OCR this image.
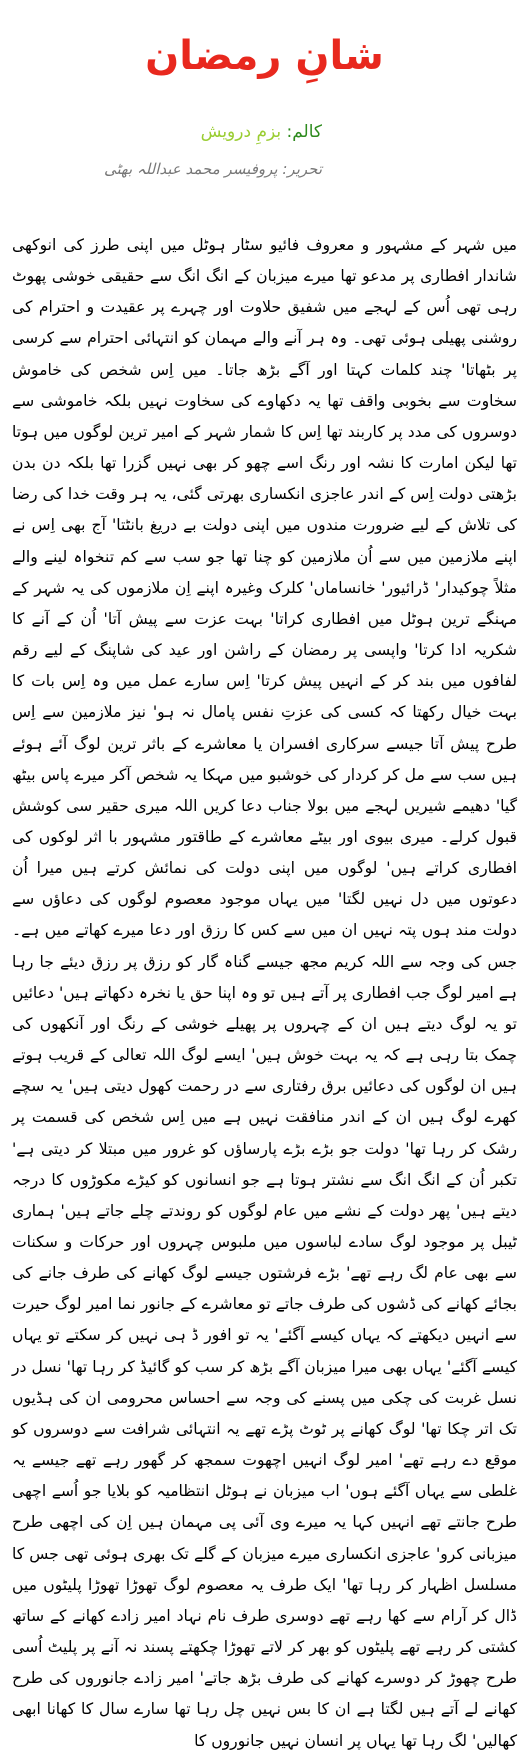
شانِ رمضان
کالم: بزمِ درویش
تحریر: پروفیسر محمد عبداللہ بھٹی

میں شہر کے مشہور و معروف فائیو سٹار ہوٹل میں اپنی طرز کی انوکھی شاندار افطاری پر مدعو تھا میرے میزبان کے انگ انگ سے حقیقی خوشی پھوٹ رہی تھی اُس کے لہجے میں شفیق حلاوت اور چہرے پر عقیدت و احترام کی روشنی پھیلی ہوئی تھی۔ وہ ہر آنے والے مہمان کو انتہائی احترام سے کرسی پر بٹھاتا' چند کلمات کہتا اور آگے بڑھ جاتا۔ میں اِس شخص کی خاموش سخاوت سے بخوبی واقف تھا یہ دکھاوے کی سخاوت نہیں بلکہ خاموشی سے دوسروں کی مدد پر کاربند تھا اِس کا شمار شہر کے امیر ترین لوگوں میں ہوتا تھا لیکن امارت کا نشہ اور رنگ اسے چھو کر بھی نہیں گزرا تھا بلکہ دن بدن بڑھتی دولت اِس کے اندر عاجزی انکساری بھرتی گئی، یہ ہر وقت خدا کی رضا کی تلاش کے لیے ضرورت مندوں میں اپنی دولت بے دریغ بانٹتا' آج بھی اِس نے اپنے ملازمین میں سے اُن ملازمین کو چنا تھا جو سب سے کم تنخواہ لینے والے مثلاً چوکیدار' ڈرائیور' خانساماں' کلرک وغیرہ اپنے اِن ملازموں کی یہ شہر کے مہنگے ترین ہوٹل میں افطاری کراتا' بہت عزت سے پیش آتا' اُن کے آنے کا شکریہ ادا کرتا' واپسی پر رمضان کے راشن اور عید کی شاپنگ کے لیے رقم لفافوں میں بند کر کے انہیں پیش کرتا' اِس سارے عمل میں وہ اِس بات کا بہت خیال رکھتا کہ کسی کی عزتِ نفس پامال نہ ہو' نیز ملازمین سے اِس طرح پیش آتا جیسے سرکاری افسران یا معاشرے کے باثر ترین لوگ آئے ہوئے ہیں سب سے مل کر کردار کی خوشبو میں مہکا یہ شخص آکر میرے پاس بیٹھ گیا' دھیمے شیریں لہجے میں بولا جناب دعا کریں اللہ میری حقیر سی کوشش قبول کرلے۔ میری بیوی اور بیٹے معاشرے کے طاقتور مشہور با اثر لوکوں کی افطاری کراتے ہیں' لوگوں میں اپنی دولت کی نمائش کرتے ہیں میرا اُن دعوتوں میں دل نہیں لگتا' میں یہاں موجود معصوم لوگوں کی دعاؤں سے دولت مند ہوں پتہ نہیں ان میں سے کس کا رزق اور دعا میرے کھاتے میں ہے۔ جس کی وجہ سے اللہ کریم مجھ جیسے گناہ گار کو رزق پر رزق دیئے جا رہا ہے امیر لوگ جب افطاری پر آتے ہیں تو وہ اپنا حق یا نخرہ دکھاتے ہیں' دعائیں تو یہ لوگ دیتے ہیں ان کے چہروں پر پھیلے خوشی کے رنگ اور آنکھوں کی چمک بتا رہی ہے کہ یہ بہت خوش ہیں' ایسے لوگ اللہ تعالی کے قریب ہوتے ہیں ان لوگوں کی دعائیں برق رفتاری سے در رحمت کھول دیتی ہیں' یہ سچے کھرے لوگ ہیں ان کے اندر منافقت نہیں ہے میں اِس شخص کی قسمت پر رشک کر رہا تھا' دولت جو بڑے بڑے پارساؤں کو غرور میں مبتلا کر دیتی ہے' تکبر اُن کے انگ انگ سے نشتر ہوتا ہے جو انسانوں کو کیڑے مکوڑوں کا درجہ دیتے ہیں' پھر دولت کے نشے میں عام لوگوں کو روندتے چلے جاتے ہیں' ہماری ٹیبل پر موجود لوگ سادے لباسوں میں ملبوس چہروں اور حرکات و سکنات سے بھی عام لگ رہے تھے' بڑے فرشتوں جیسے لوگ کھانے کی طرف جانے کی بجائے کھانے کی ڈشوں کی طرف جاتے تو معاشرے کے جانور نما امیر لوگ حیرت سے انہیں دیکھتے کہ یہاں کیسے آگئے' یہ تو افور ڈ ہی نہیں کر سکتے تو یہاں کیسے آگئے' یہاں بھی میرا میزبان آگے بڑھ کر سب کو گائیڈ کر رہا تھا' نسل در نسل غربت کی چکی میں پسنے کی وجہ سے احساس محرومی ان کی ہڈیوں تک اتر چکا تھا' لوگ کھانے پر ٹوٹ پڑے تھے یہ انتہائی شرافت سے دوسروں کو موقع دے رہے تھے' امیر لوگ انہیں اچھوت سمجھ کر گھور رہے تھے جیسے یہ غلطی سے یہاں آگئے ہوں' اب میزبان نے ہوٹل انتظامیہ کو بلایا جو اُسے اچھی طرح جانتے تھے انہیں کہا یہ میرے وی آئی پی مہمان ہیں اِن کی اچھی طرح میزبانی کرو' عاجزی انکساری میرے میزبان کے گلے تک بھری ہوئی تھی جس کا مسلسل اظہار کر رہا تھا' ایک طرف یہ معصوم لوگ تھوڑا تھوڑا پلیٹوں میں ڈال کر آرام سے کھا رہے تھے دوسری طرف نام نہاد امیر زادے کھانے کے ساتھ کشتی کر رہے تھے پلیٹوں کو بھر کر لاتے تھوڑا چکھتے پسند نہ آنے پر پلیٹ اُسی طرح چھوڑ کر دوسرے کھانے کی طرف بڑھ جاتے' امیر زادے جانوروں کی طرح کھانے لے آتے ہیں لگتا ہے ان کا بس نہیں چل رہا تھا سارے سال کا کھانا ابھی کھالیں' لگ رہا تھا یہاں پر انسان نہیں جانوروں کا
